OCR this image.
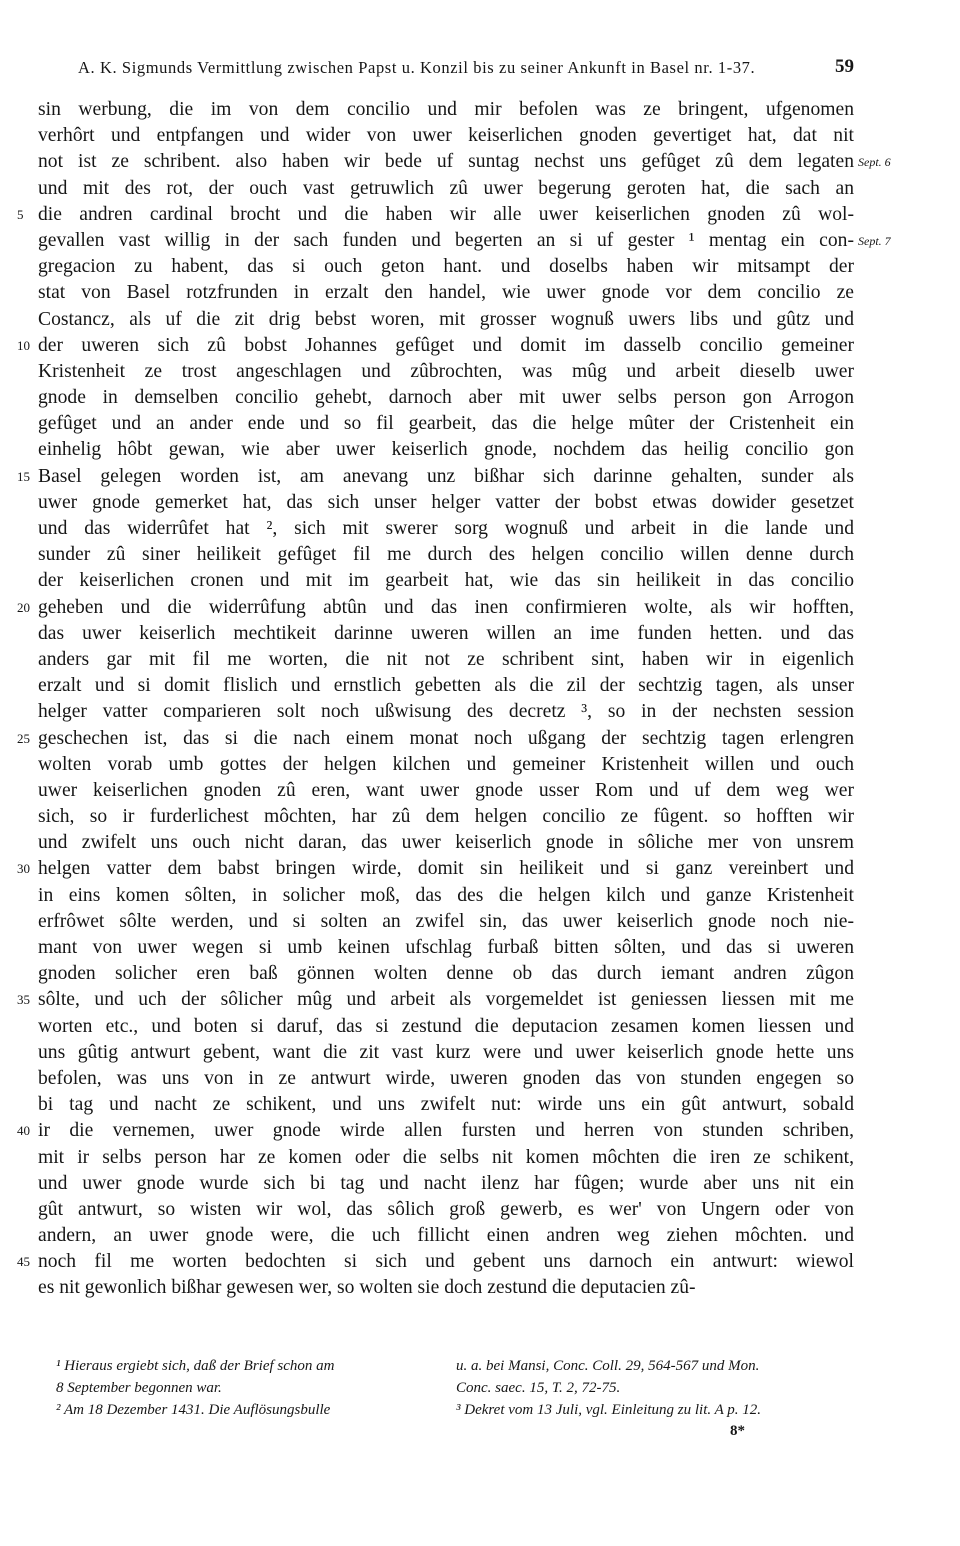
A. K. Sigmunds Vermittlung zwischen Papst u. Konzil bis zu seiner Ankunft in Basel nr. 1-37.	59
sin werbung, die im von dem concilio und mir befolen was ze bringent, ufgenomen
verhôrt und entpfangen und wider von uwer keiserlichen gnoden gevertiget hat, dat nit
not ist ze schribent. also haben wir bede uf suntag nechst uns gefûget zû dem legaten Sept. 6
und mit des rot, der ouch vast getruwlich zû uwer begerung geroten hat, die sach an
5 die andren cardinal brocht und die haben wir alle uwer keiserlichen gnoden zû wol-
gevallen vast willig in der sach funden und begerten an si uf gester ¹ mentag ein con- Sept. 7
gregacion zu habent, das si ouch geton hant. und doselbs haben wir mitsampt der
stat von Basel rotzfrunden in erzalt den handel, wie uwer gnode vor dem concilio ze
Costancz, als uf die zit drig bebst woren, mit grosser wognuß uwers libs und gûtz und
10 der uweren sich zû bobst Johannes gefûget und domit im dasselb concilio gemeiner
Kristenheit ze trost angeschlagen und zûbrochten, was mûg und arbeit dieselb uwer
gnode in demselben concilio gehebt, darnoch aber mit uwer selbs person gon Arrogon
gefûget und an ander ende und so fil gearbeit, das die helge mûter der Cristenheit ein
einhelig hôbt gewan, wie aber uwer keiserlich gnode, nochdem das heilig concilio gon
15 Basel gelegen worden ist, am anevang unz bißhar sich darinne gehalten, sunder als
uwer gnode gemerket hat, das sich unser helger vatter der bobst etwas dowider gesetzet
und das widerrûfet hat ², sich mit swerer sorg wognuß und arbeit in die lande und
sunder zû siner heilikeit gefûget fil me durch des helgen concilio willen denne durch
der keiserlichen cronen und mit im gearbeit hat, wie das sin heilikeit in das concilio
20 geheben und die widerrûfung abtûn und das inen confirmieren wolte, als wir hofften,
das uwer keiserlich mechtikeit darinne uweren willen an ime funden hetten. und das
anders gar mit fil me worten, die nit not ze schribent sint, haben wir in eigenlich
erzalt und si domit flislich und ernstlich gebetten als die zil der sechtzig tagen, als unser
helger vatter comparieren solt noch ußwisung des decretz ³, so in der nechsten session
25 geschechen ist, das si die nach einem monat noch ußgang der sechtzig tagen erlengren
wolten vorab umb gottes der helgen kilchen und gemeiner Kristenheit willen und ouch
uwer keiserlichen gnoden zû eren, want uwer gnode usser Rom und uf dem weg wer
sich, so ir furderlichest môchten, har zû dem helgen concilio ze fûgent. so hofften wir
und zwifelt uns ouch nicht daran, das uwer keiserlich gnode in sôliche mer von unsrem
30 helgen vatter dem babst bringen wirde, domit sin heilikeit und si ganz vereinbert und
in eins komen sôlten, in solicher moß, das des die helgen kilch und ganze Kristenheit
erfrôwet sôlte werden, und si solten an zwifel sin, das uwer keiserlich gnode noch nie-
mant von uwer wegen si umb keinen ufschlag furbaß bitten sôlten, und das si uweren
gnoden solicher eren baß gönnen wolten denne ob das durch iemant andren zûgon
35 sôlte, und uch der sôlicher mûg und arbeit als vorgemeldet ist geniessen liessen mit me
worten etc., und boten si daruf, das si zestund die deputacion zesamen komen liessen und
uns gûtig antwurt gebent, want die zit vast kurz were und uwer keiserlich gnode hette uns
befolen, was uns von in ze antwurt wirde, uweren gnoden das von stunden engegen so
bi tag und nacht ze schikent, und uns zwifelt nut: wirde uns ein gût antwurt, sobald
40 ir die vernemen, uwer gnode wirde allen fursten und herren von stunden schriben,
mit ir selbs person har ze komen oder die selbs nit komen môchten die iren ze schikent,
und uwer gnode wurde sich bi tag und nacht ilenz har fûgen; wurde aber uns nit ein
gût antwurt, so wisten wir wol, das sôlich groß gewerb, es wer' von Ungern oder von
andern, an uwer gnode were, die uch fillicht einen andren weg ziehen môchten. und
45 noch fil me worten bedochten si sich und gebent uns darnoch ein antwurt: wiewol
es nit gewonlich bißhar gewesen wer, so wolten sie doch zestund die deputacien zû-
¹ Hieraus ergiebt sich, daß der Brief schon am
8 September begonnen war.
² Am 18 Dezember 1431. Die Auflösungsbulle
u. a. bei Mansi, Conc. Coll. 29, 564-567 und Mon.
Conc. saec. 15, T. 2, 72-75.
³ Dekret vom 13 Juli, vgl. Einleitung zu lit. A p. 12.
8*
